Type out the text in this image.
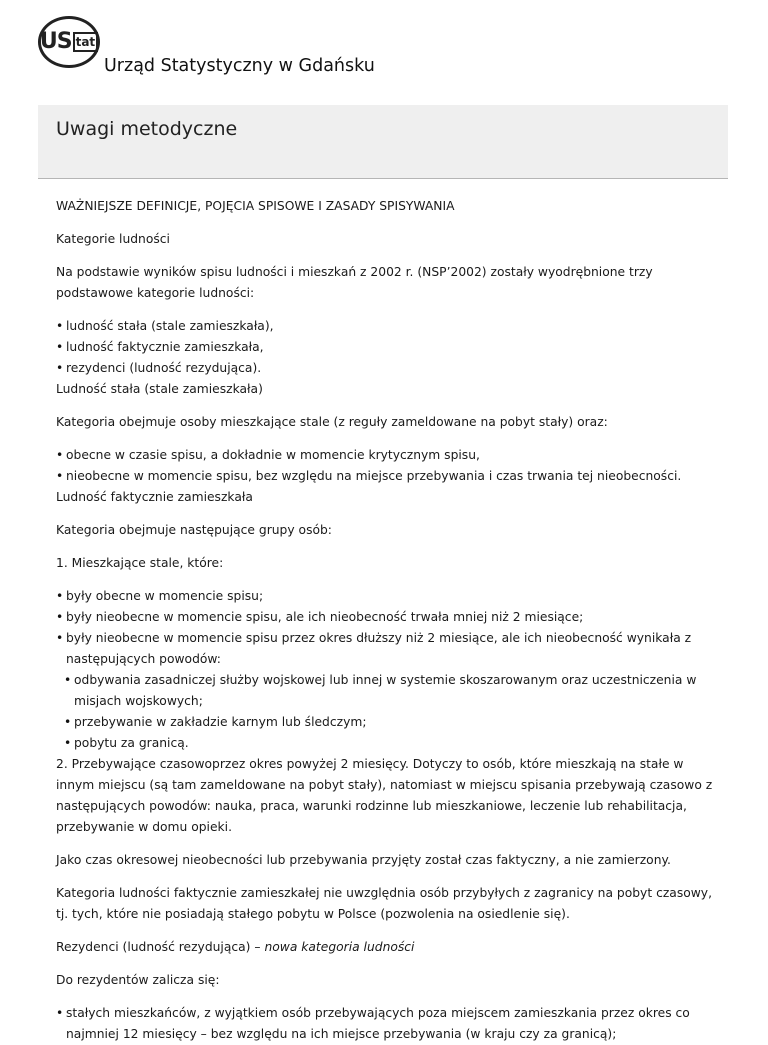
US tat
Urząd Statystyczny w Gdańsku
Uwagi metodyczne

WAŻNIEJSZE DEFINICJE, POJĘCIA SPISOWE I ZASADY SPISYWANIA

Kategorie ludności

Na podstawie wyników spisu ludności i mieszkań z 2002 r. (NSP’2002) zostały wyodrębnione trzy podstawowe kategorie ludności:

• ludność stała (stale zamieszkała),
• ludność faktycznie zamieszkała,
• rezydenci (ludność rezydująca).

Ludność stała (stale zamieszkała)

Kategoria obejmuje osoby mieszkające stale (z reguły zameldowane na pobyt stały) oraz:

• obecne w czasie spisu, a dokładnie w momencie krytycznym spisu,
• nieobecne w momencie spisu, bez względu na miejsce przebywania i czas trwania tej nieobecności.

Ludność faktycznie zamieszkała

Kategoria obejmuje następujące grupy osób:

1. Mieszkające stale, które:

• były obecne w momencie spisu;
• były nieobecne w momencie spisu, ale ich nieobecność trwała mniej niż 2 miesiące;
• były nieobecne w momencie spisu przez okres dłuższy niż 2 miesiące, ale ich nieobecność wynikała z następujących powodów:
• odbywania zasadniczej służby wojskowej lub innej w systemie skoszarowanym oraz uczestniczenia w misjach wojskowych;
• przebywanie w zakładzie karnym lub śledczym;
• pobytu za granicą.

2. Przebywające czasowoprzez okres powyżej 2 miesięcy. Dotyczy to osób, które mieszkają na stałe w innym miejscu (są tam zameldowane na pobyt stały), natomiast w miejscu spisania przebywają czasowo z następujących powodów: nauka, praca, warunki rodzinne lub mieszkaniowe, leczenie lub rehabilitacja, przebywanie w domu opieki.

Jako czas okresowej nieobecności lub przebywania przyjęty został czas faktyczny, a nie zamierzony.

Kategoria ludności faktycznie zamieszkałej nie uwzględnia osób przybyłych z zagranicy na pobyt czasowy, tj. tych, które nie posiadają stałego pobytu w Polsce (pozwolenia na osiedlenie się).

Rezydenci (ludność rezydująca) – nowa kategoria ludności

Do rezydentów zalicza się:

• stałych mieszkańców, z wyjątkiem osób przebywających poza miejscem zamieszkania przez okres co najmniej 12 miesięcy – bez względu na ich miejsce przebywania (w kraju czy za granicą);
